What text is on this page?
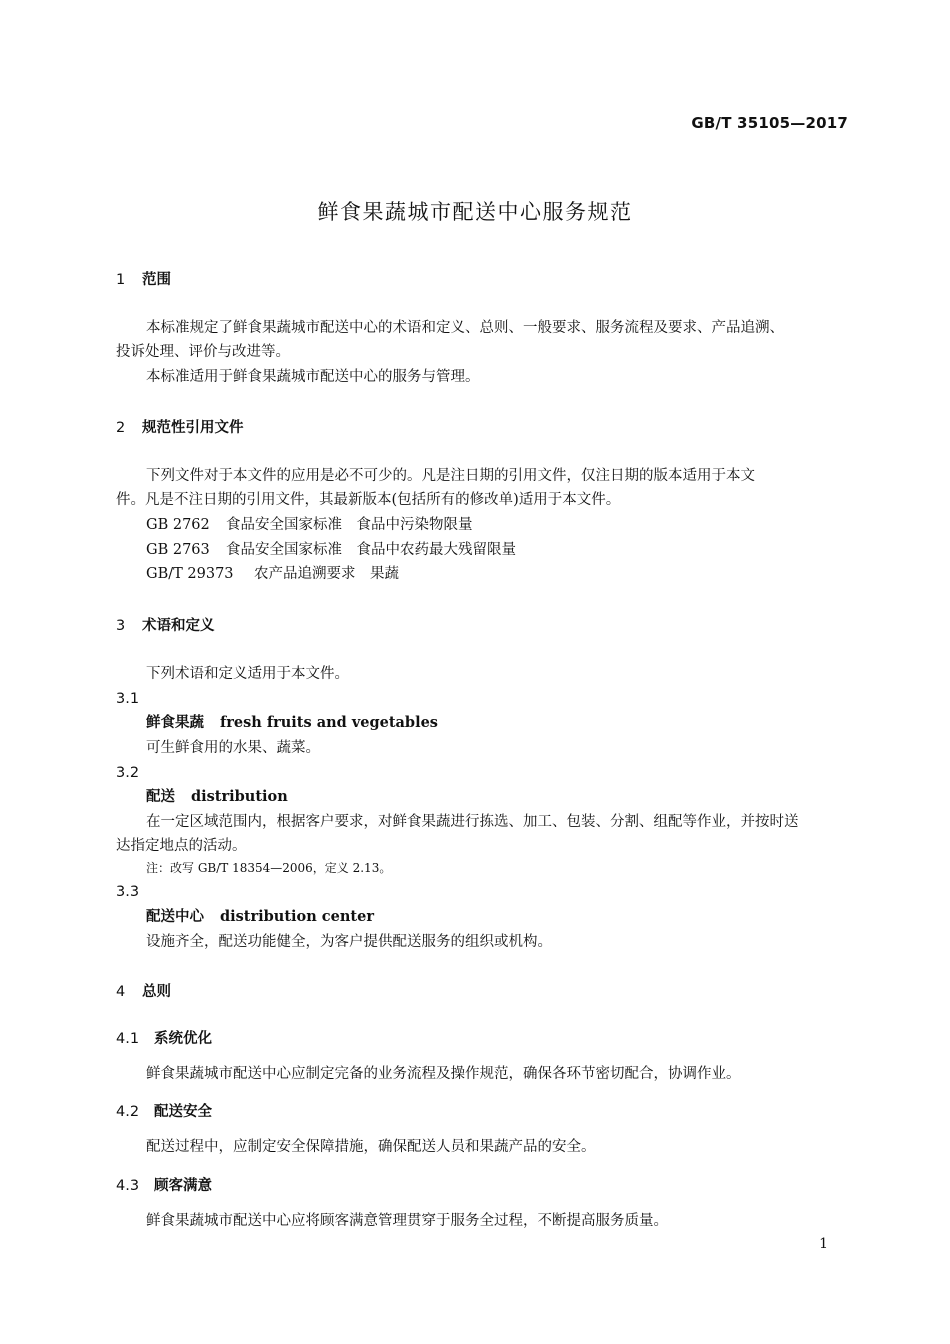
GB/T 35105—2017
鲜食果蔬城市配送中心服务规范
1 范围
本标准规定了鲜食果蔬城市配送中心的术语和定义、总则、一般要求、服务流程及要求、产品追溯、
投诉处理、评价与改进等。
本标准适用于鲜食果蔬城市配送中心的服务与管理。
2 规范性引用文件
下列文件对于本文件的应用是必不可少的。凡是注日期的引用文件，仅注日期的版本适用于本文
件。凡是不注日期的引用文件，其最新版本(包括所有的修改单)适用于本文件。
GB 2762 食品安全国家标准　食品中污染物限量
GB 2763 食品安全国家标准　食品中农药最大残留限量
GB/T 29373 农产品追溯要求　果蔬
3 术语和定义
下列术语和定义适用于本文件。
3.1
鲜食果蔬 fresh fruits and vegetables
可生鲜食用的水果、蔬菜。
3.2
配送 distribution
在一定区域范围内，根据客户要求，对鲜食果蔬进行拣选、加工、包装、分割、组配等作业，并按时送
达指定地点的活动。
注：改写 GB/T 18354—2006，定义 2.13。
3.3
配送中心 distribution center
设施齐全，配送功能健全，为客户提供配送服务的组织或机构。
4 总则
4.1 系统优化
鲜食果蔬城市配送中心应制定完备的业务流程及操作规范，确保各环节密切配合，协调作业。
4.2 配送安全
配送过程中，应制定安全保障措施，确保配送人员和果蔬产品的安全。
4.3 顾客满意
鲜食果蔬城市配送中心应将顾客满意管理贯穿于服务全过程，不断提高服务质量。
1
